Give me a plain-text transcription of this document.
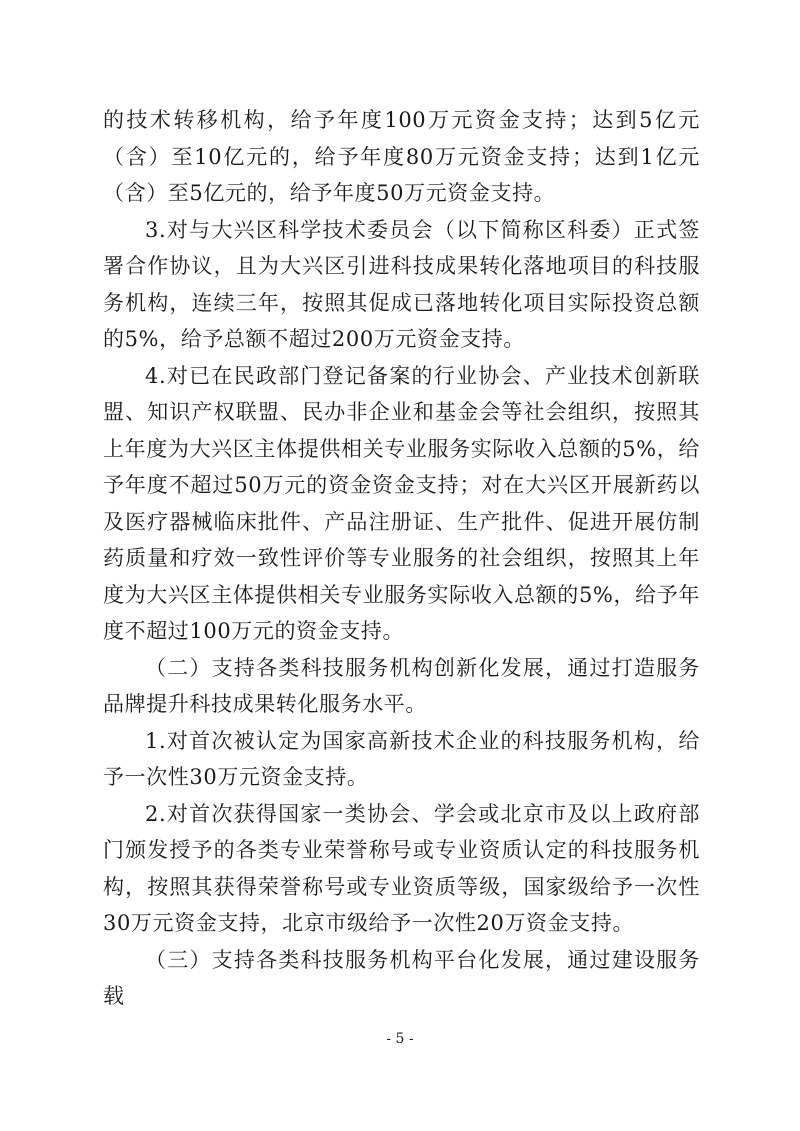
的技术转移机构，给予年度100万元资金支持；达到5亿元（含）至10亿元的，给予年度80万元资金支持；达到1亿元（含）至5亿元的，给予年度50万元资金支持。

3.对与大兴区科学技术委员会（以下简称区科委）正式签署合作协议，且为大兴区引进科技成果转化落地项目的科技服务机构，连续三年，按照其促成已落地转化项目实际投资总额的5%，给予总额不超过200万元资金支持。

4.对已在民政部门登记备案的行业协会、产业技术创新联盟、知识产权联盟、民办非企业和基金会等社会组织，按照其上年度为大兴区主体提供相关专业服务实际收入总额的5%，给予年度不超过50万元的资金资金支持；对在大兴区开展新药以及医疗器械临床批件、产品注册证、生产批件、促进开展仿制药质量和疗效一致性评价等专业服务的社会组织，按照其上年度为大兴区主体提供相关专业服务实际收入总额的5%，给予年度不超过100万元的资金支持。

（二）支持各类科技服务机构创新化发展，通过打造服务品牌提升科技成果转化服务水平。

1.对首次被认定为国家高新技术企业的科技服务机构，给予一次性30万元资金支持。

2.对首次获得国家一类协会、学会或北京市及以上政府部门颁发授予的各类专业荣誉称号或专业资质认定的科技服务机构，按照其获得荣誉称号或专业资质等级，国家级给予一次性30万元资金支持，北京市级给予一次性20万资金支持。

（三）支持各类科技服务机构平台化发展，通过建设服务载

- 5 -
